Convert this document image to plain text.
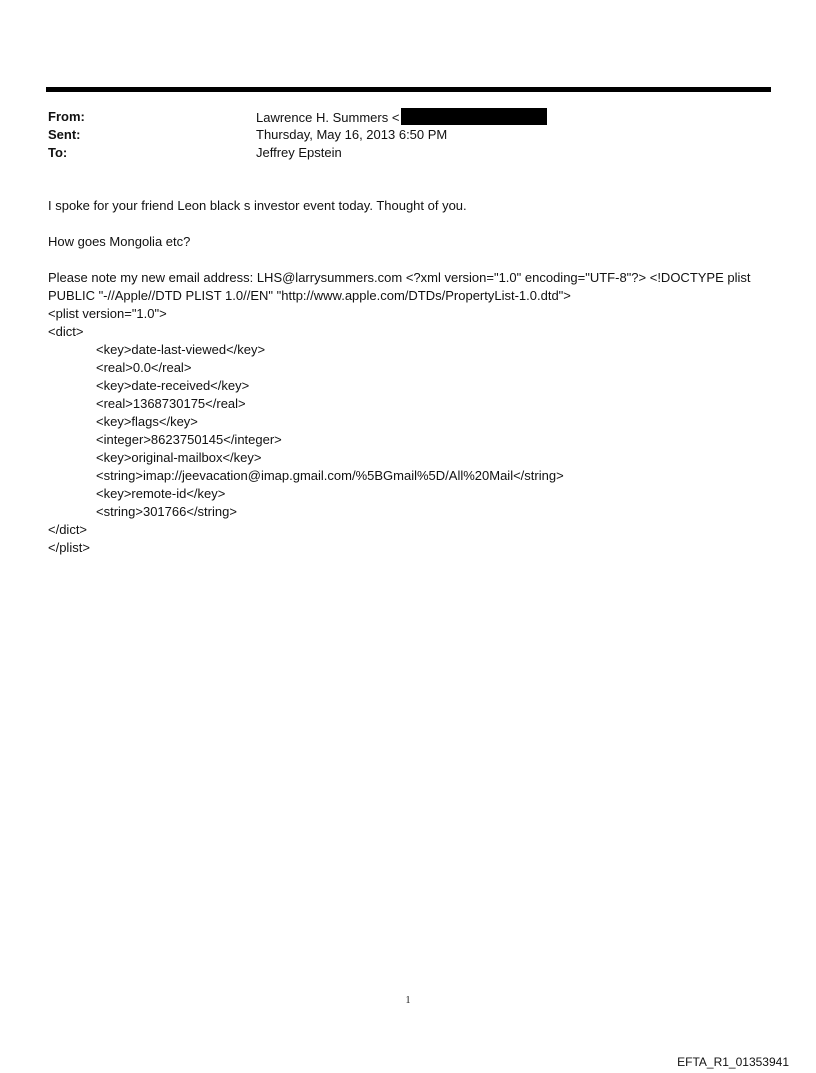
From:	Lawrence H. Summers <
Sent:	Thursday, May 16, 2013 6:50 PM
To:	Jeffrey Epstein

I spoke for your friend Leon black s investor event today. Thought of you.

How goes Mongolia etc?

Please note my new email address: LHS@larrysummers.com <?xml version="1.0" encoding="UTF-8"?> <!DOCTYPE plist
PUBLIC "-//Apple//DTD PLIST 1.0//EN" "http://www.apple.com/DTDs/PropertyList-1.0.dtd">
<plist version="1.0">
<dict>
<key>date-last-viewed</key>
<real>0.0</real>
<key>date-received</key>
<real>1368730175</real>
<key>flags</key>
<integer>8623750145</integer>
<key>original-mailbox</key>
<string>imap://jeevacation@imap.gmail.com/%5BGmail%5D/All%20Mail</string>
<key>remote-id</key>
<string>301766</string>
</dict>
</plist>
1
EFTA_R1_01353941
